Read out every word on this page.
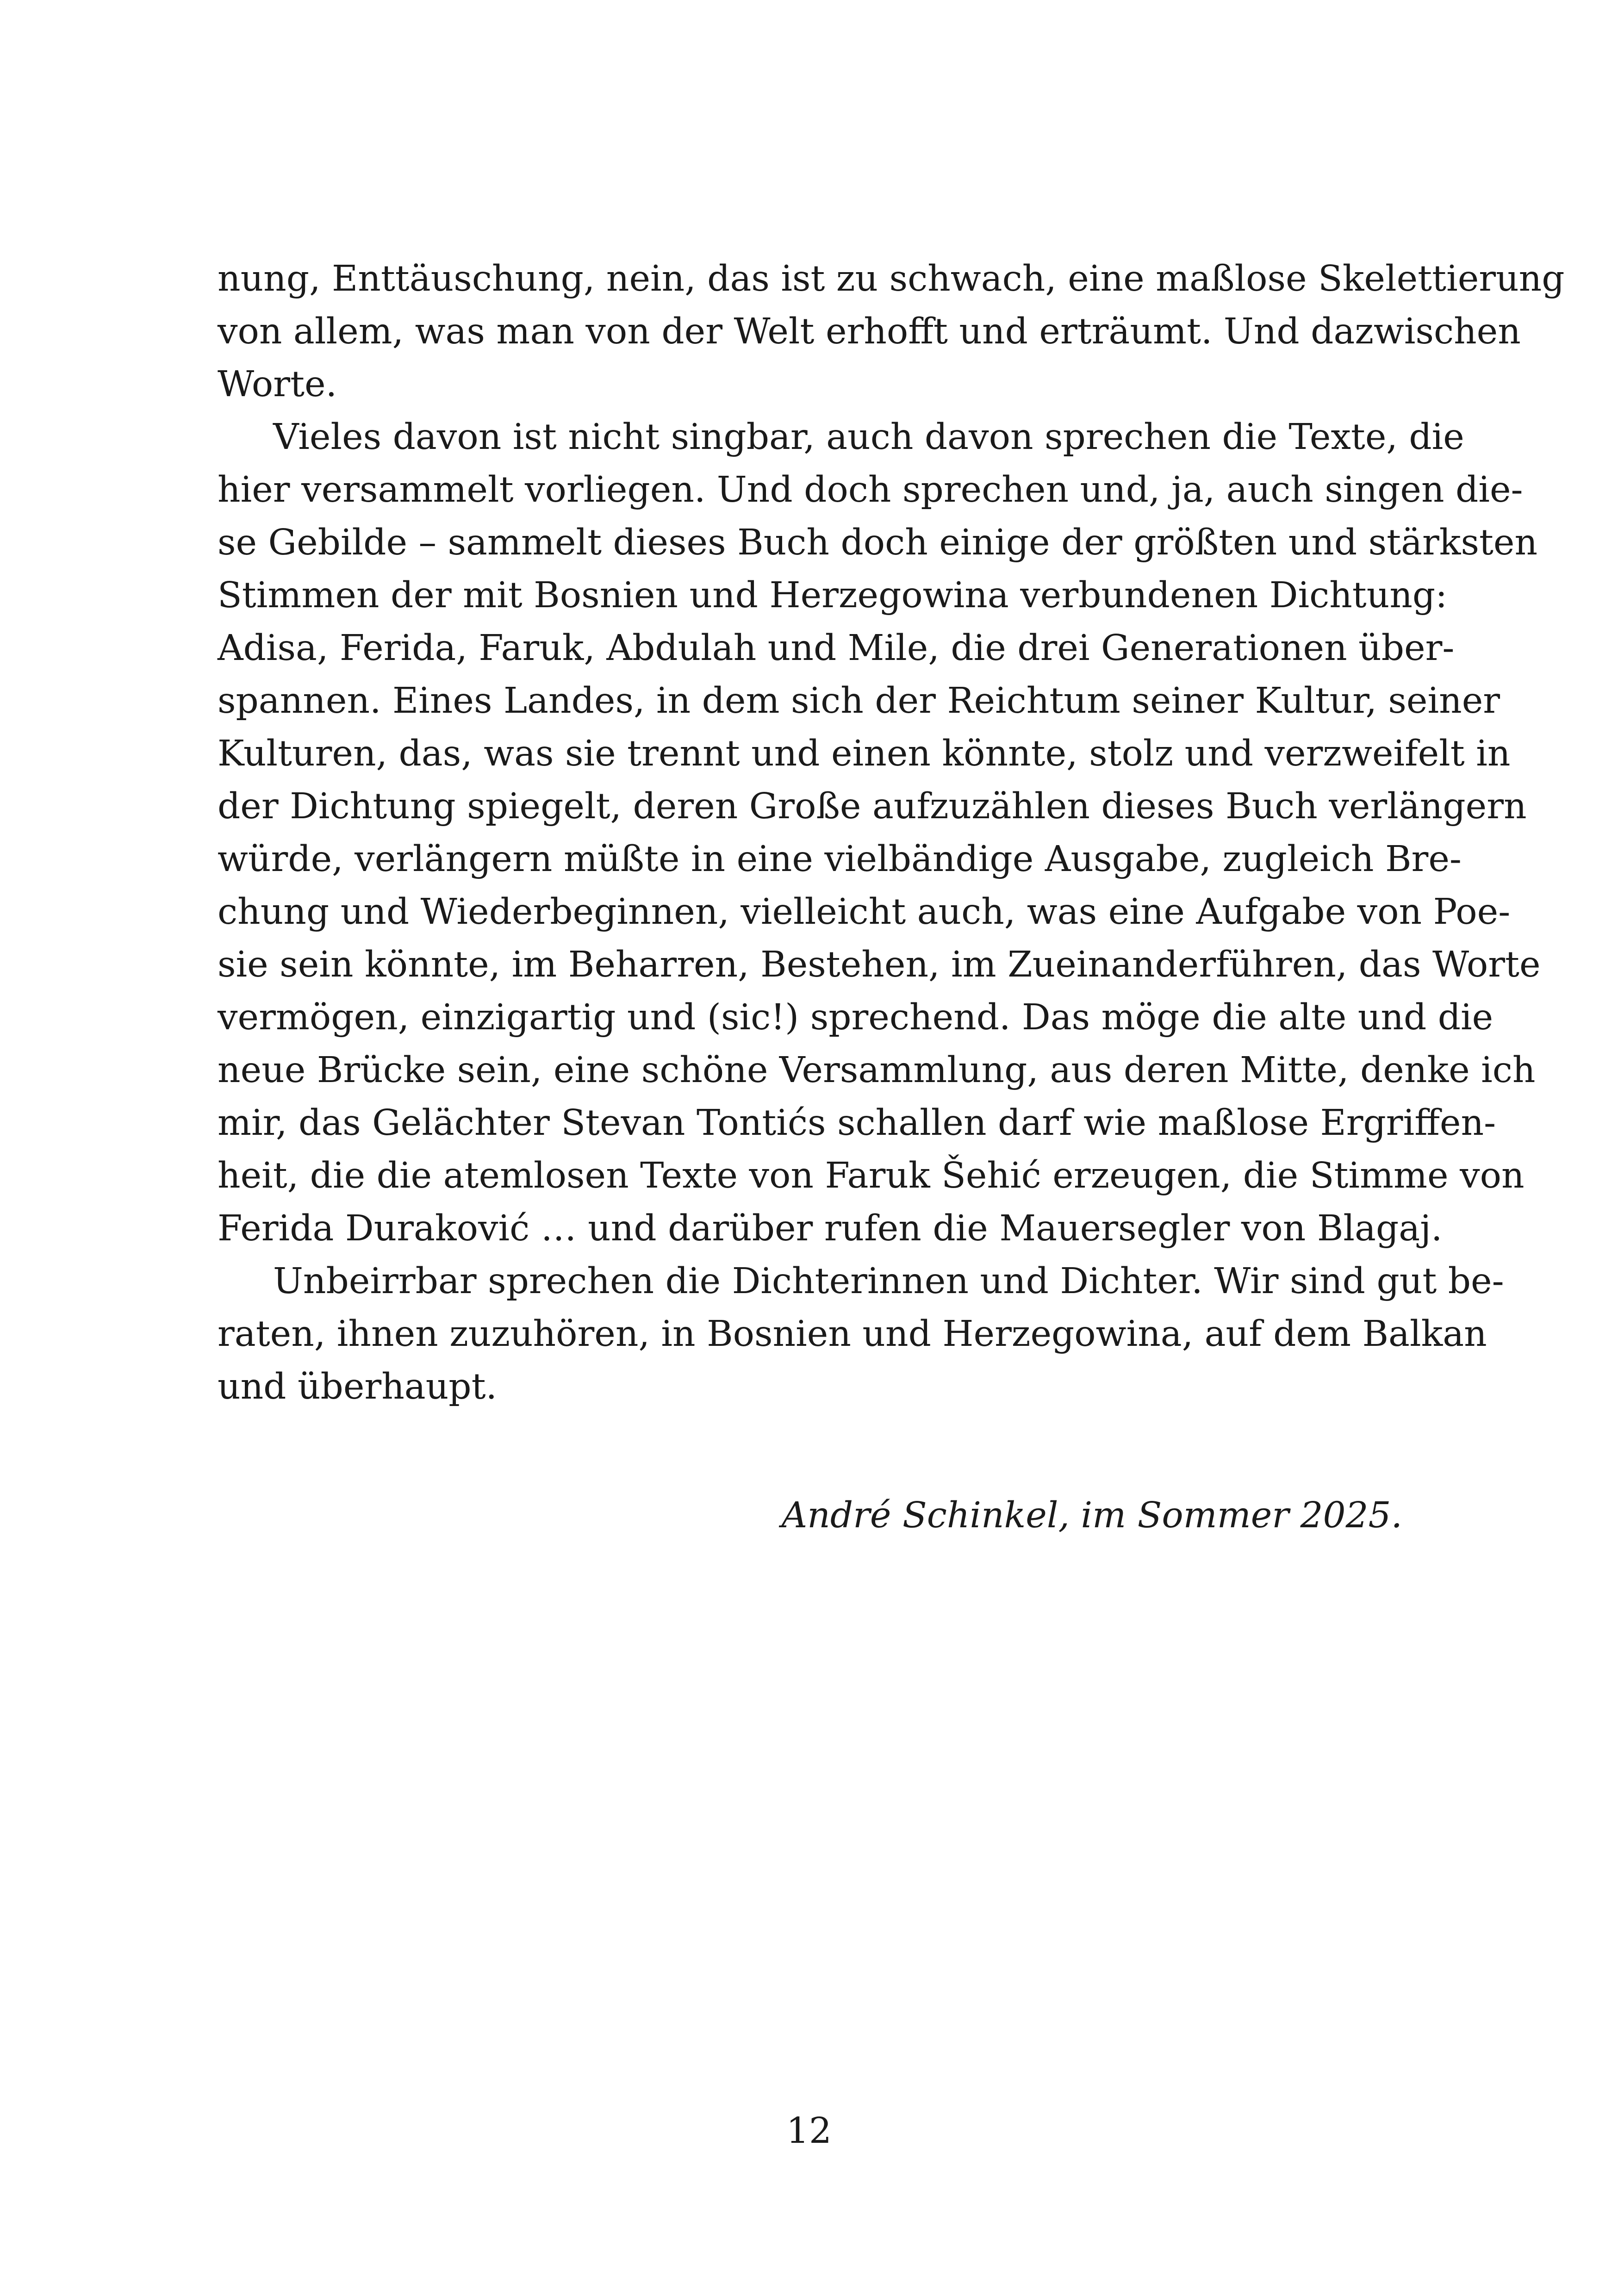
nung, Enttäuschung, nein, das ist zu schwach, eine maßlose Skelettierung
von allem, was man von der Welt erhofft und erträumt. Und dazwischen
Worte.
Vieles davon ist nicht singbar, auch davon sprechen die Texte, die
hier versammelt vorliegen. Und doch sprechen und, ja, auch singen die-
se Gebilde – sammelt dieses Buch doch einige der größten und stärksten
Stimmen der mit Bosnien und Herzegowina verbundenen Dichtung:
Adisa, Ferida, Faruk, Abdulah und Mile, die drei Generationen über-
spannen. Eines Landes, in dem sich der Reichtum seiner Kultur, seiner
Kulturen, das, was sie trennt und einen könnte, stolz und verzweifelt in
der Dichtung spiegelt, deren Große aufzuzählen dieses Buch verlängern
würde, verlängern müßte in eine vielbändige Ausgabe, zugleich Bre-
chung und Wiederbeginnen, vielleicht auch, was eine Aufgabe von Poe-
sie sein könnte, im Beharren, Bestehen, im Zueinanderführen, das Worte
vermögen, einzigartig und (sic!) sprechend. Das möge die alte und die
neue Brücke sein, eine schöne Versammlung, aus deren Mitte, denke ich
mir, das Gelächter Stevan Tontićs schallen darf wie maßlose Ergriffen-
heit, die die atemlosen Texte von Faruk Šehić erzeugen, die Stimme von
Ferida Duraković … und darüber rufen die Mauersegler von Blagaj.
Unbeirrbar sprechen die Dichterinnen und Dichter. Wir sind gut be-
raten, ihnen zuzuhören, in Bosnien und Herzegowina, auf dem Balkan
und überhaupt.
André Schinkel, im Sommer 2025.
12
